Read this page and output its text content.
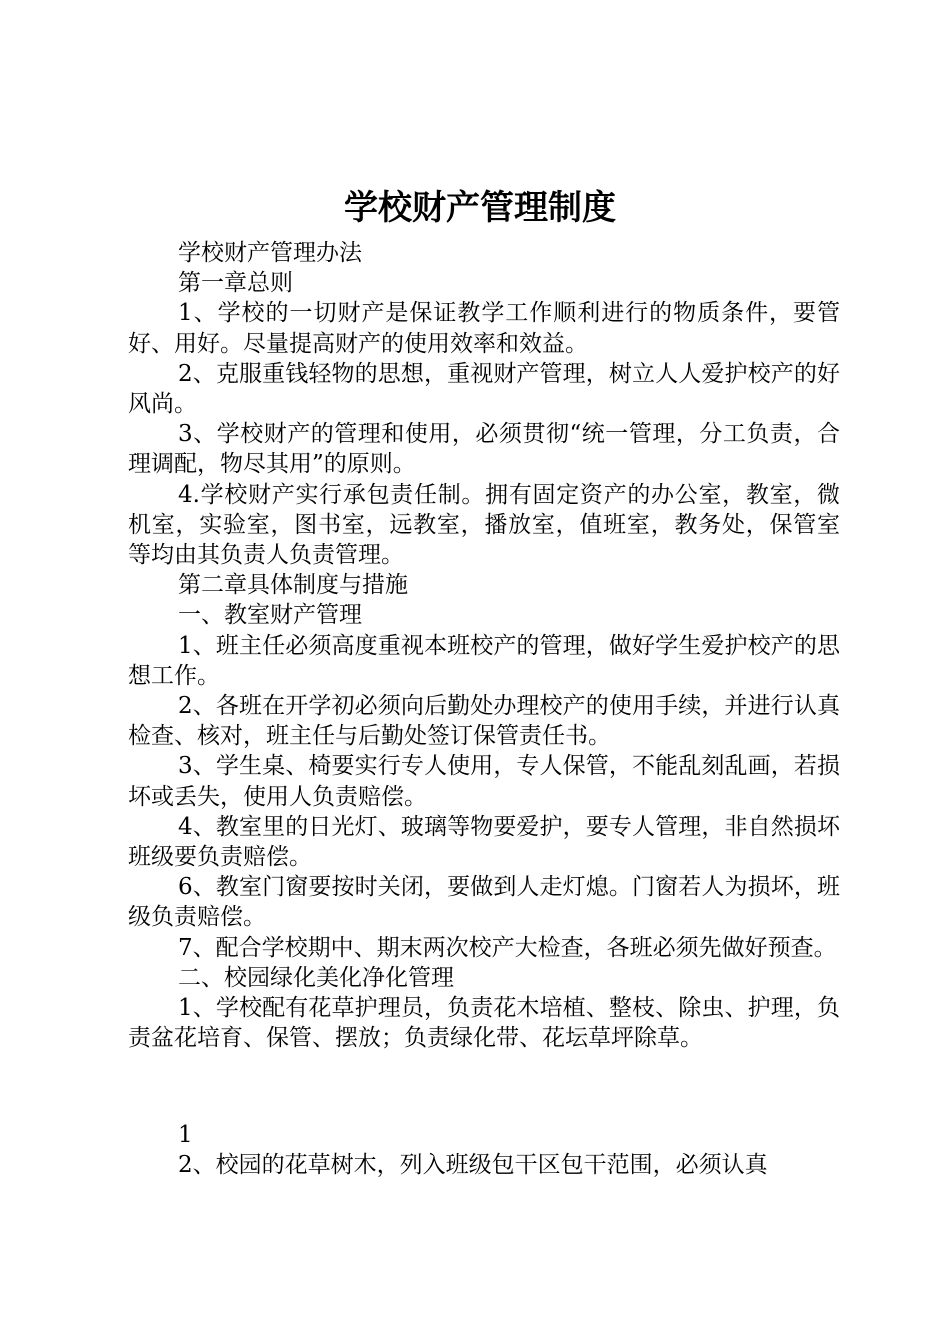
学校财产管理制度

学校财产管理办法

第一章总则

1、学校的一切财产是保证教学工作顺利进行的物质条件，要管好、用好。尽量提高财产的使用效率和效益。

2、克服重钱轻物的思想，重视财产管理，树立人人爱护校产的好风尚。

3、学校财产的管理和使用，必须贯彻“统一管理，分工负责，合理调配，物尽其用”的原则。

4.学校财产实行承包责任制。拥有固定资产的办公室，教室，微机室，实验室，图书室，远教室，播放室，值班室，教务处，保管室等均由其负责人负责管理。

第二章具体制度与措施

一、教室财产管理

1、班主任必须高度重视本班校产的管理，做好学生爱护校产的思想工作。

2、各班在开学初必须向后勤处办理校产的使用手续，并进行认真检查、核对，班主任与后勤处签订保管责任书。

3、学生桌、椅要实行专人使用，专人保管，不能乱刻乱画，若损坏或丢失，使用人负责赔偿。

4、教室里的日光灯、玻璃等物要爱护，要专人管理，非自然损坏班级要负责赔偿。

6、教室门窗要按时关闭，要做到人走灯熄。门窗若人为损坏，班级负责赔偿。

7、配合学校期中、期末两次校产大检查，各班必须先做好预查。

二、校园绿化美化净化管理

1、学校配有花草护理员，负责花木培植、整枝、除虫、护理，负责盆花培育、保管、摆放；负责绿化带、花坛草坪除草。

1

2、校园的花草树木，列入班级包干区包干范围，必须认真
